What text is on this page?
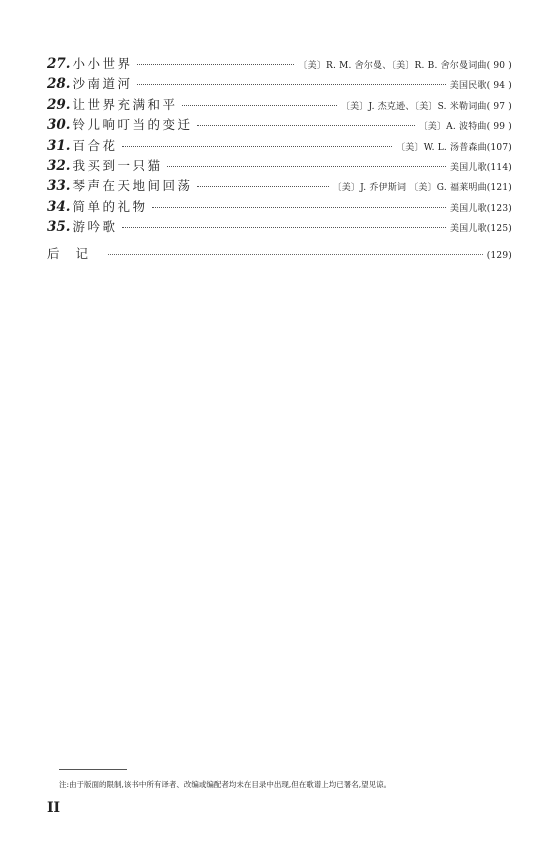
27. 小小世界	〔美〕R. M. 舍尔曼、〔美〕R. B. 舍尔曼词曲( 90 )
28. 沙南道河	美国民歌( 94 )
29. 让世界充满和平	〔美〕J. 杰克逊、〔美〕S. 米勒词曲( 97 )
30. 铃儿响叮当的变迁	〔美〕A. 波特曲( 99 )
31. 百合花	〔美〕W. L. 汤普森曲(107)
32. 我买到一只猫	美国儿歌(114)
33. 琴声在天地间回荡	〔美〕J. 乔伊斯词 〔美〕G. 福莱明曲(121)
34. 简单的礼物	美国儿歌(123)
35. 游吟歌	美国儿歌(125)
后记	(129)
注:由于版面的限制,该书中所有译者、改编或编配者均未在目录中出现,但在歌谱上均已署名,望见谅。
II
